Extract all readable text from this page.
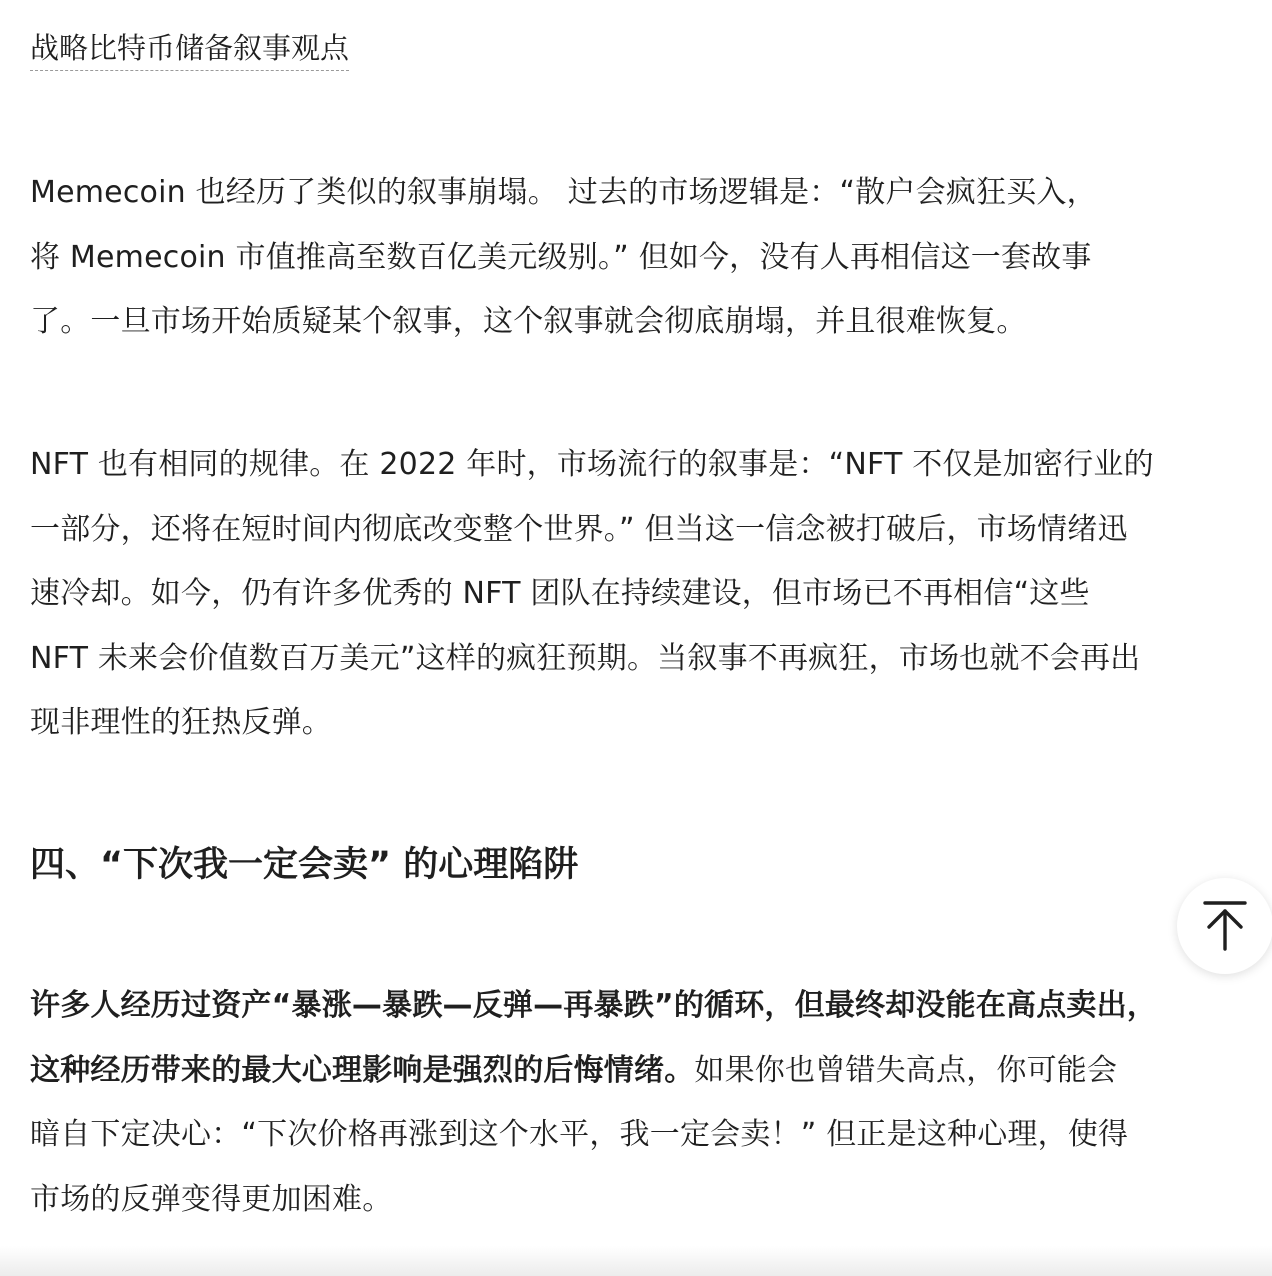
战略比特币储备叙事观点

Memecoin 也经历了类似的叙事崩塌。 过去的市场逻辑是：“散户会疯狂买入，
将 Memecoin 市值推高至数百亿美元级别。” 但如今，没有人再相信这一套故事
了。一旦市场开始质疑某个叙事，这个叙事就会彻底崩塌，并且很难恢复。

NFT 也有相同的规律。在 2022 年时，市场流行的叙事是：“NFT 不仅是加密行业的
一部分，还将在短时间内彻底改变整个世界。” 但当这一信念被打破后，市场情绪迅
速冷却。如今，仍有许多优秀的 NFT 团队在持续建设，但市场已不再相信“这些
NFT 未来会价值数百万美元”这样的疯狂预期。当叙事不再疯狂，市场也就不会再出
现非理性的狂热反弹。

四、“下次我一定会卖” 的心理陷阱

许多人经历过资产“暴涨—暴跌—反弹—再暴跌”的循环，但最终却没能在高点卖出，
这种经历带来的最大心理影响是强烈的后悔情绪。如果你也曾错失高点，你可能会
暗自下定决心：“下次价格再涨到这个水平，我一定会卖！” 但正是这种心理，使得
市场的反弹变得更加困难。
